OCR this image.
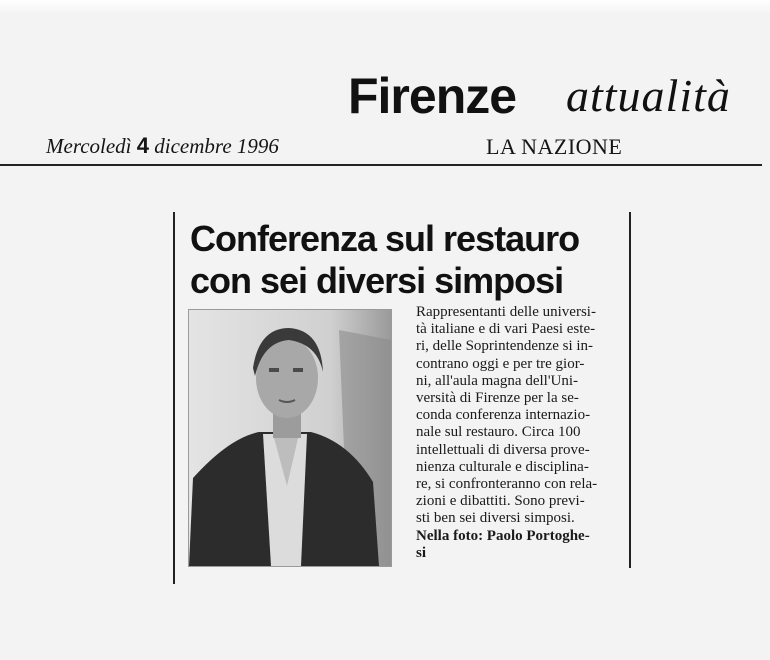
Firenze attualità
Mercoledì 4 dicembre 1996	LA NAZIONE
Conferenza sul restauro
con sei diversi simposi
Rappresentanti delle universi-
tà italiane e di vari Paesi este-
ri, delle Soprintendenze si in-
contrano oggi e per tre gior-
ni, all'aula magna dell'Uni-
versità di Firenze per la se-
conda conferenza internazio-
nale sul restauro. Circa 100
intellettuali di diversa prove-
nienza culturale e disciplina-
re, si confronteranno con rela-
zioni e dibattiti. Sono previ-
sti ben sei diversi simposi.
Nella foto: Paolo Portoghe-
si
